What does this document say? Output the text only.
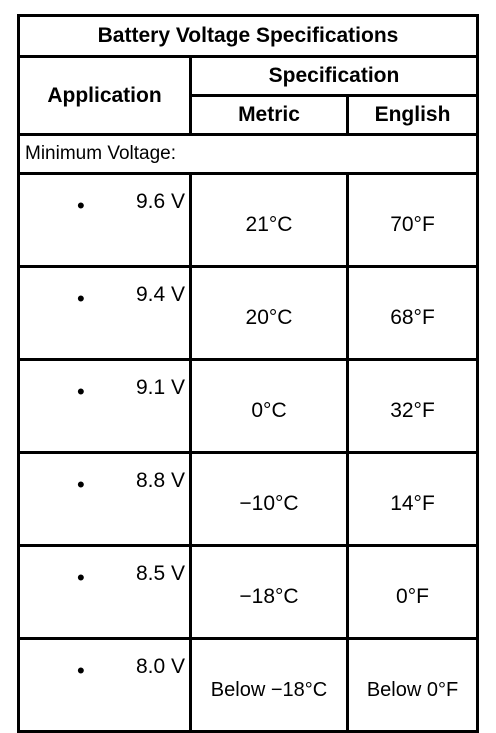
Battery Voltage Specifications		
Application	Specification	
	Metric	English
Minimum Voltage:		

• 9.6 V	21°C	70°F

• 9.4 V	20°C	68°F

• 9.1 V	0°C	32°F

• 8.8 V	−10°C	14°F

• 8.5 V	−18°C	0°F

• 8.0 V	Below −18°C	Below 0°F
